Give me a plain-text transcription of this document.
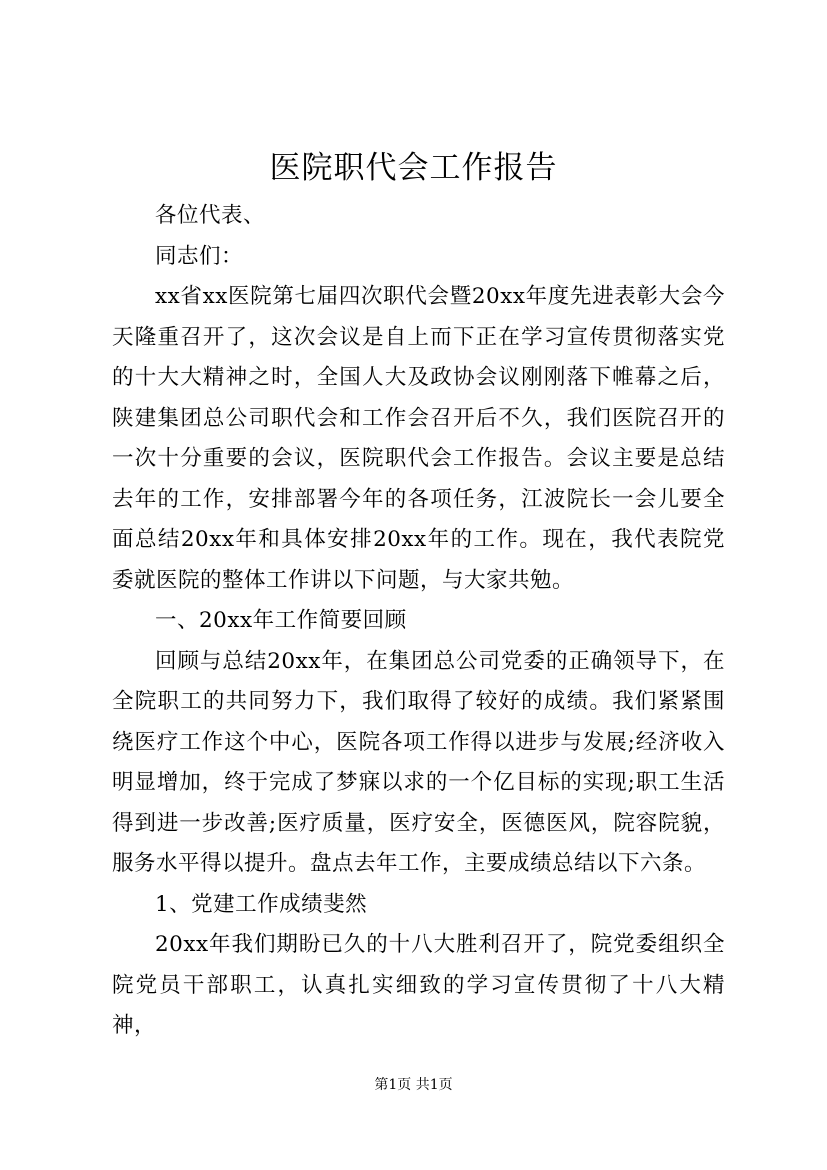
医院职代会工作报告

各位代表、

同志们：

xx省xx医院第七届四次职代会暨20xx年度先进表彰大会今天隆重召开了，这次会议是自上而下正在学习宣传贯彻落实党的十大大精神之时，全国人大及政协会议刚刚落下帷幕之后，陕建集团总公司职代会和工作会召开后不久，我们医院召开的一次十分重要的会议，医院职代会工作报告。会议主要是总结去年的工作，安排部署今年的各项任务，江波院长一会儿要全面总结20xx年和具体安排20xx年的工作。现在，我代表院党委就医院的整体工作讲以下问题，与大家共勉。

一、20xx年工作简要回顾

回顾与总结20xx年，在集团总公司党委的正确领导下，在全院职工的共同努力下，我们取得了较好的成绩。我们紧紧围绕医疗工作这个中心，医院各项工作得以进步与发展;经济收入明显增加，终于完成了梦寐以求的一个亿目标的实现;职工生活得到进一步改善;医疗质量，医疗安全，医德医风，院容院貌，服务水平得以提升。盘点去年工作，主要成绩总结以下六条。

1、党建工作成绩斐然

20xx年我们期盼已久的十八大胜利召开了，院党委组织全院党员干部职工，认真扎实细致的学习宣传贯彻了十八大精神，

第1页 共1页
